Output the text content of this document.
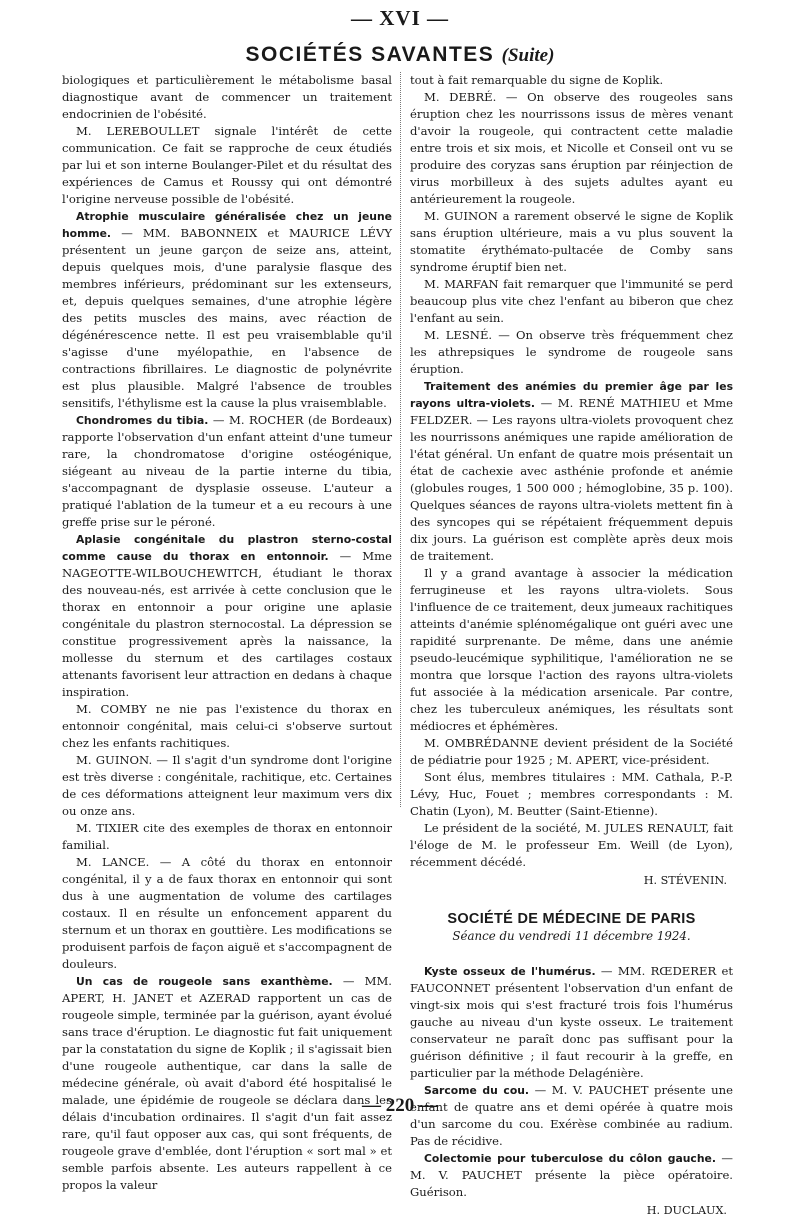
— XVI —
SOCIÉTÉS SAVANTES (Suite)

biologiques et particulièrement le métabolisme basal diagnostique avant de commencer un traitement endocrinien de l'obésité.

M. LEREBOULLET signale l'intérêt de cette communication. Ce fait se rapproche de ceux étudiés par lui et son interne Boulanger-Pilet et du résultat des expériences de Camus et Roussy qui ont démontré l'origine nerveuse possible de l'obésité.

Atrophie musculaire généralisée chez un jeune homme. — MM. BABONNEIX et MAURICE LÉVY présentent un jeune garçon de seize ans, atteint, depuis quelques mois, d'une paralysie flasque des membres inférieurs, prédominant sur les extenseurs, et, depuis quelques semaines, d'une atrophie légère des petits muscles des mains, avec réaction de dégénérescence nette. Il est peu vraisemblable qu'il s'agisse d'une myélopathie, en l'absence de contractions fibrillaires. Le diagnostic de polynévrite est plus plausible. Malgré l'absence de troubles sensitifs, l'éthylisme est la cause la plus vraisemblable.

Chondromes du tibia. — M. ROCHER (de Bordeaux) rapporte l'observation d'un enfant atteint d'une tumeur rare, la chondromatose d'origine ostéogénique, siégeant au niveau de la partie interne du tibia, s'accompagnant de dysplasie osseuse. L'auteur a pratiqué l'ablation de la tumeur et a eu recours à une greffe prise sur le péroné.

Aplasie congénitale du plastron sterno-costal comme cause du thorax en entonnoir. — Mme NAGEOTTE-WILBOUCHEWITCH, étudiant le thorax des nouveau-nés, est arrivée à cette conclusion que le thorax en entonnoir a pour origine une aplasie congénitale du plastron sternocostal. La dépression se constitue progressivement après la naissance, la mollesse du sternum et des cartilages costaux attenants favorisent leur attraction en dedans à chaque inspiration.

M. COMBY ne nie pas l'existence du thorax en entonnoir congénital, mais celui-ci s'observe surtout chez les enfants rachitiques.

M. GUINON. — Il s'agit d'un syndrome dont l'origine est très diverse : congénitale, rachitique, etc. Certaines de ces déformations atteignent leur maximum vers dix ou onze ans.

M. TIXIER cite des exemples de thorax en entonnoir familial.

M. LANCE. — A côté du thorax en entonnoir congénital, il y a de faux thorax en entonnoir qui sont dus à une augmentation de volume des cartilages costaux. Il en résulte un enfoncement apparent du sternum et un thorax en gouttière. Les modifications se produisent parfois de façon aiguë et s'accompagnent de douleurs.

Un cas de rougeole sans exanthème. — MM. APERT, H. JANET et AZERAD rapportent un cas de rougeole simple, terminée par la guérison, ayant évolué sans trace d'éruption. Le diagnostic fut fait uniquement par la constatation du signe de Koplik ; il s'agissait bien d'une rougeole authentique, car dans la salle de médecine générale, où avait d'abord été hospitalisé le malade, une épidémie de rougeole se déclara dans les délais d'incubation ordinaires. Il s'agit d'un fait assez rare, qu'il faut opposer aux cas, qui sont fréquents, de rougeole grave d'emblée, dont l'éruption « sort mal » et semble parfois absente. Les auteurs rappellent à ce propos la valeur

tout à fait remarquable du signe de Koplik.

M. DEBRÉ. — On observe des rougeoles sans éruption chez les nourrissons issus de mères venant d'avoir la rougeole, qui contractent cette maladie entre trois et six mois, et Nicolle et Conseil ont vu se produire des coryzas sans éruption par réinjection de virus morbilleux à des sujets adultes ayant eu antérieurement la rougeole.

M. GUINON a rarement observé le signe de Koplik sans éruption ultérieure, mais a vu plus souvent la stomatite érythémato-pultacée de Comby sans syndrome éruptif bien net.

M. MARFAN fait remarquer que l'immunité se perd beaucoup plus vite chez l'enfant au biberon que chez l'enfant au sein.

M. LESNÉ. — On observe très fréquemment chez les athrepsiques le syndrome de rougeole sans éruption.

Traitement des anémies du premier âge par les rayons ultra-violets. — M. RENÉ MATHIEU et Mme FELDZER. — Les rayons ultra-violets provoquent chez les nourrissons anémiques une rapide amélioration de l'état général. Un enfant de quatre mois présentait un état de cachexie avec asthénie profonde et anémie (globules rouges, 1 500 000 ; hémoglobine, 35 p. 100). Quelques séances de rayons ultra-violets mettent fin à des syncopes qui se répétaient fréquemment depuis dix jours. La guérison est complète après deux mois de traitement.

Il y a grand avantage à associer la médication ferrugineuse et les rayons ultra-violets. Sous l'influence de ce traitement, deux jumeaux rachitiques atteints d'anémie splénomégalique ont guéri avec une rapidité surprenante. De même, dans une anémie pseudo-leucémique syphilitique, l'amélioration ne se montra que lorsque l'action des rayons ultra-violets fut associée à la médication arsenicale. Par contre, chez les tuberculeux anémiques, les résultats sont médiocres et éphémères.

M. OMBRÉDANNE devient président de la Société de pédiatrie pour 1925 ; M. APERT, vice-président.

Sont élus, membres titulaires : MM. Cathala, P.-P. Lévy, Huc, Fouet ; membres correspondants : M. Chatin (Lyon), M. Beutter (Saint-Etienne).

Le président de la société, M. JULES RENAULT, fait l'éloge de M. le professeur Em. Weill (de Lyon), récemment décédé.

H. STÉVENIN.
SOCIÉTÉ DE MÉDECINE DE PARIS
Séance du vendredi 11 décembre 1924.

Kyste osseux de l'humérus. — MM. RŒDERER et FAUCONNET présentent l'observation d'un enfant de vingt-six mois qui s'est fracturé trois fois l'humérus gauche au niveau d'un kyste osseux. Le traitement conservateur ne paraît donc pas suffisant pour la guérison définitive ; il faut recourir à la greffe, en particulier par la méthode Delagénière.

Sarcome du cou. — M. V. PAUCHET présente une enfant de quatre ans et demi opérée à quatre mois d'un sarcome du cou. Exérèse combinée au radium. Pas de récidive.

Colectomie pour tuberculose du côlon gauche. — M. V. PAUCHET présente la pièce opératoire. Guérison.

H. DUCLAUX.
— 220 —
